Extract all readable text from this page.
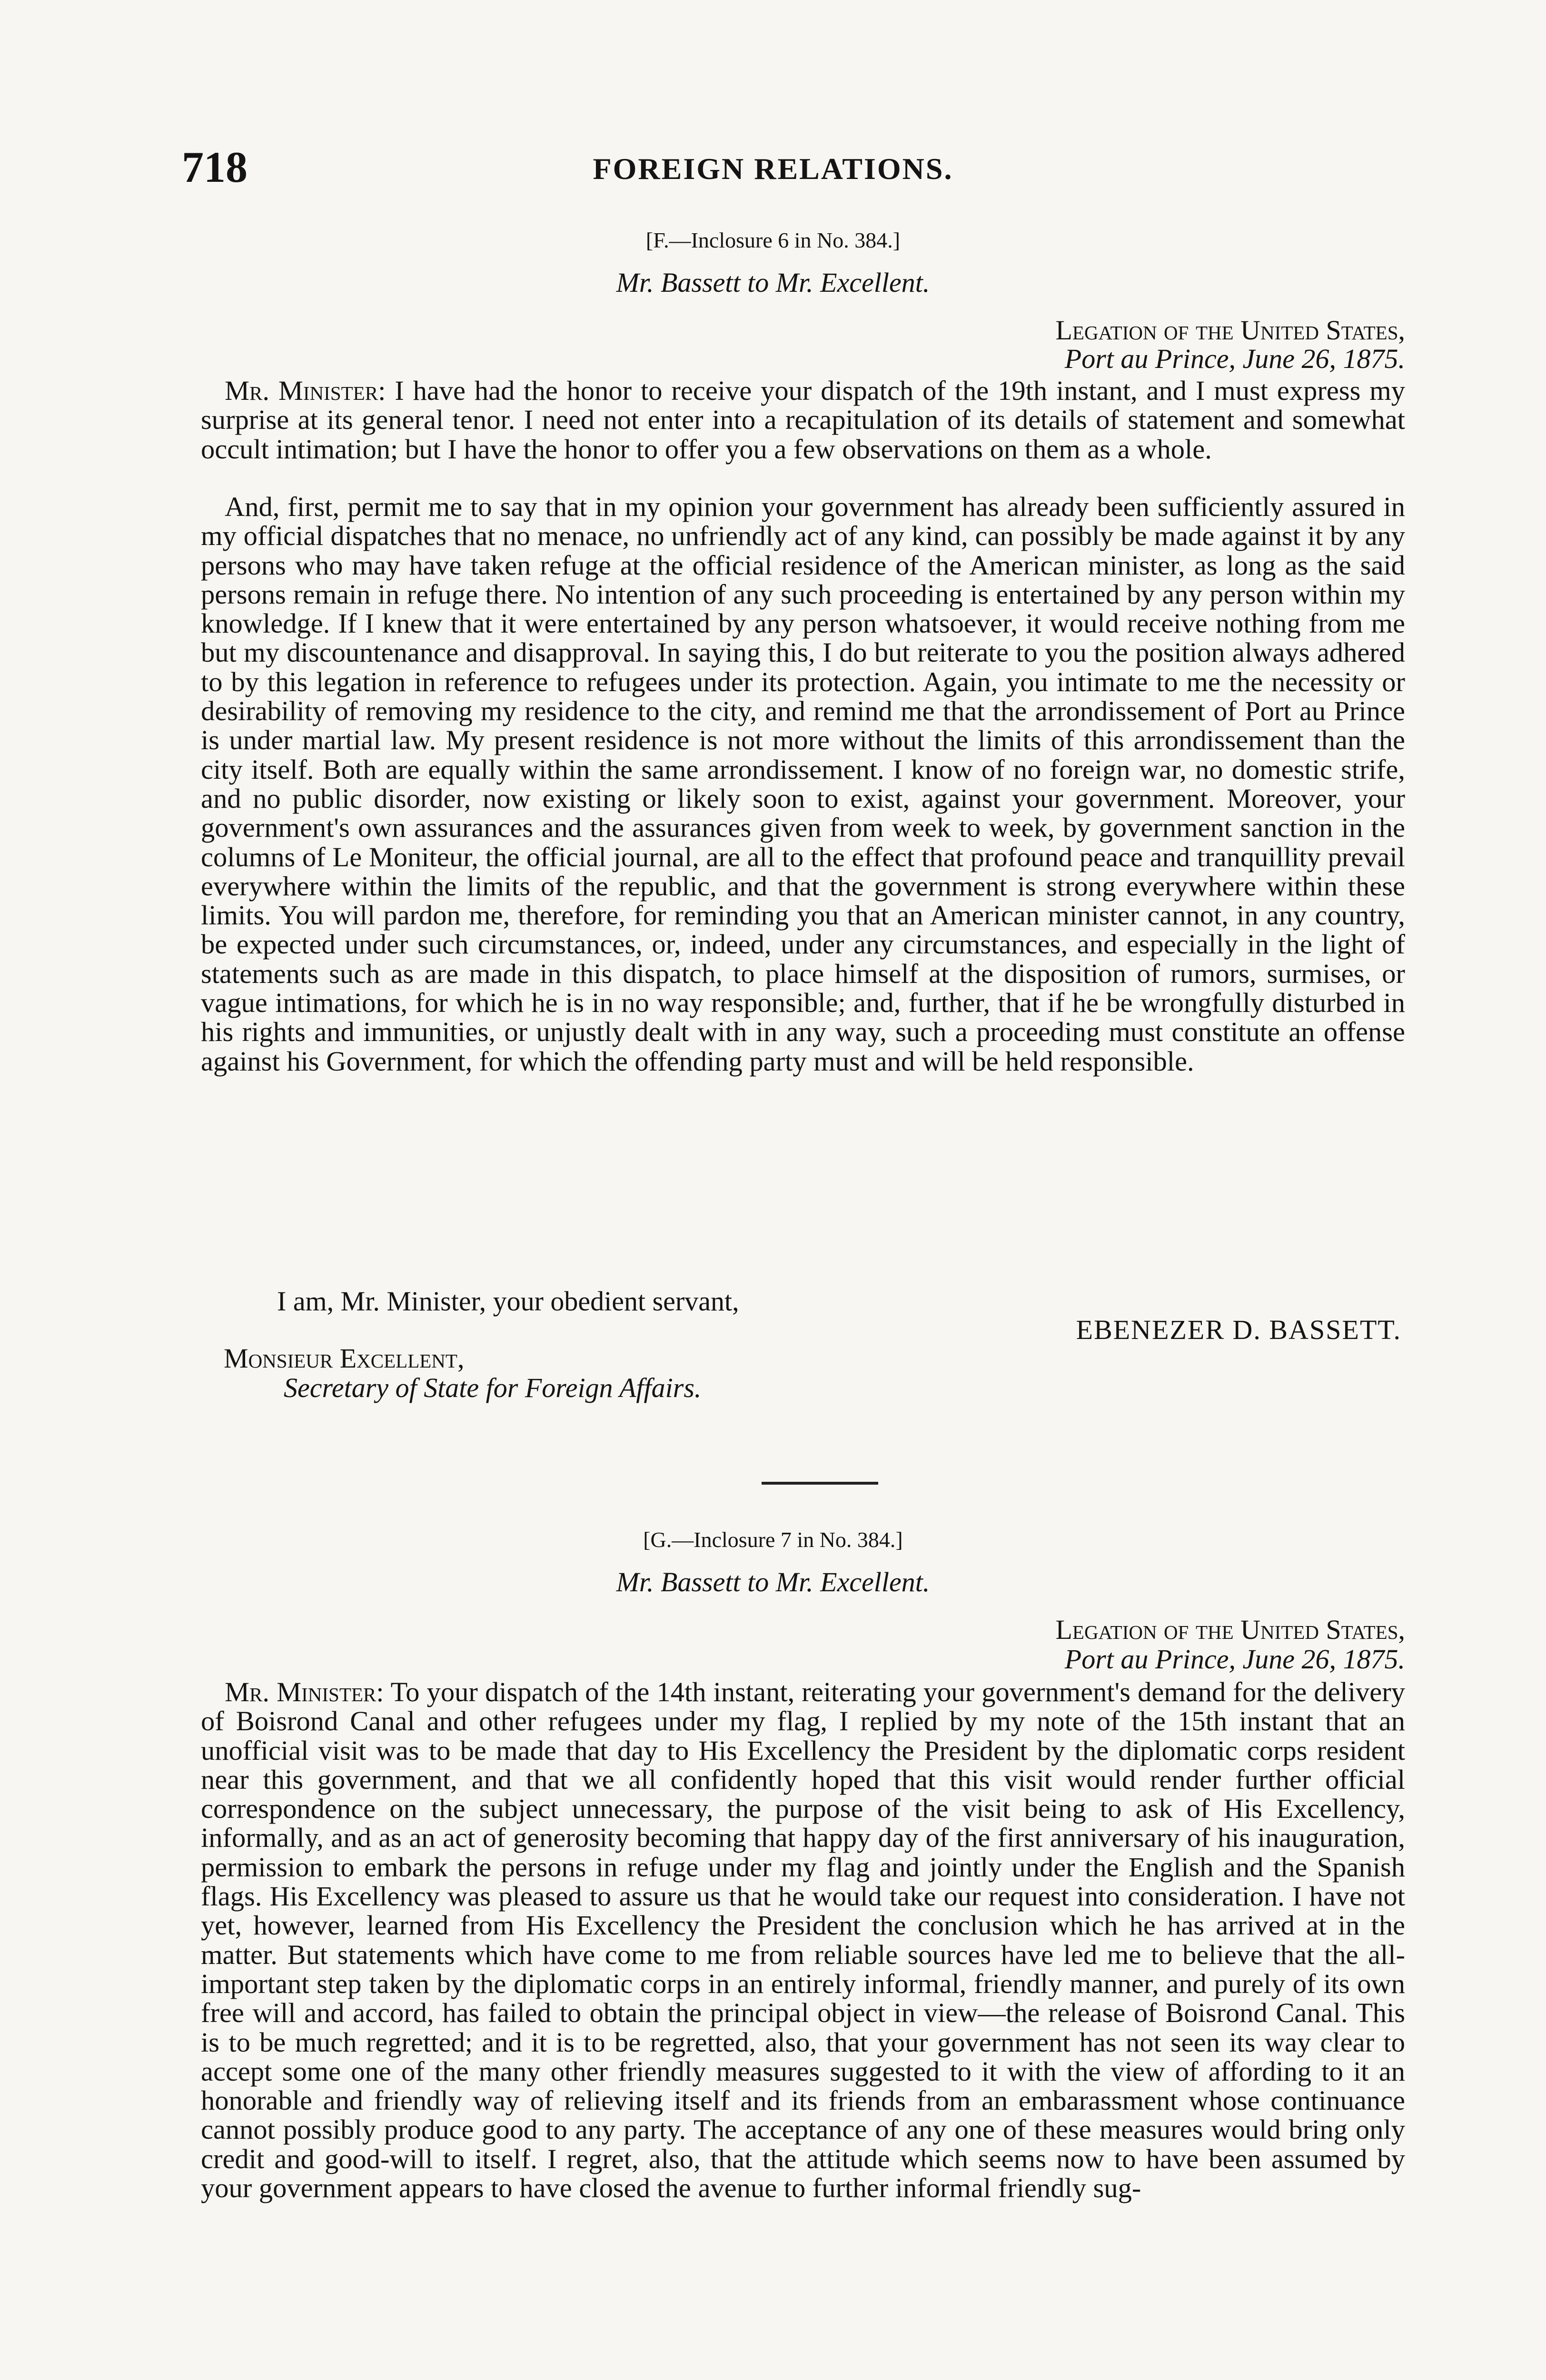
718	FOREIGN RELATIONS.
[F.—Inclosure 6 in No. 384.]
Mr. Bassett to Mr. Excellent.
Legation of the United States,
Port au Prince, June 26, 1875.

Mr. Minister: I have had the honor to receive your dispatch of the 19th instant, and I must express my surprise at its general tenor. I need not enter into a recapitulation of its details of statement and somewhat occult intimation; but I have the honor to offer you a few observations on them as a whole.

And, first, permit me to say that in my opinion your government has already been sufficiently assured in my official dispatches that no menace, no unfriendly act of any kind, can possibly be made against it by any persons who may have taken refuge at the official residence of the American minister, as long as the said persons remain in refuge there. No intention of any such proceeding is entertained by any person within my knowledge. If I knew that it were entertained by any person whatsoever, it would receive nothing from me but my discountenance and disapproval. In saying this, I do but reiterate to you the position always adhered to by this legation in reference to refugees under its protection. Again, you intimate to me the necessity or desirability of removing my residence to the city, and remind me that the arrondissement of Port au Prince is under martial law. My present residence is not more without the limits of this arrondissement than the city itself. Both are equally within the same arrondissement. I know of no foreign war, no domestic strife, and no public disorder, now existing or likely soon to exist, against your government. Moreover, your government's own assurances and the assurances given from week to week, by government sanction in the columns of Le Moniteur, the official journal, are all to the effect that profound peace and tranquillity prevail everywhere within the limits of the republic, and that the government is strong everywhere within these limits. You will pardon me, therefore, for reminding you that an American minister cannot, in any country, be expected under such circumstances, or, indeed, under any circumstances, and especially in the light of statements such as are made in this dispatch, to place himself at the disposition of rumors, surmises, or vague intimations, for which he is in no way responsible; and, further, that if he be wrongfully disturbed in his rights and immunities, or unjustly dealt with in any way, such a proceeding must constitute an offense against his Government, for which the offending party must and will be held responsible.

I am, Mr. Minister, your obedient servant,
EBENEZER D. BASSETT.
Monsieur Excellent,
Secretary of State for Foreign Affairs.
[G.—Inclosure 7 in No. 384.]
Mr. Bassett to Mr. Excellent.
Legation of the United States,
Port au Prince, June 26, 1875.

Mr. Minister: To your dispatch of the 14th instant, reiterating your government's demand for the delivery of Boisrond Canal and other refugees under my flag, I replied by my note of the 15th instant that an unofficial visit was to be made that day to His Excellency the President by the diplomatic corps resident near this government, and that we all confidently hoped that this visit would render further official correspondence on the subject unnecessary, the purpose of the visit being to ask of His Excellency, informally, and as an act of generosity becoming that happy day of the first anniversary of his inauguration, permission to embark the persons in refuge under my flag and jointly under the English and the Spanish flags. His Excellency was pleased to assure us that he would take our request into consideration. I have not yet, however, learned from His Excellency the President the conclusion which he has arrived at in the matter. But statements which have come to me from reliable sources have led me to believe that the all-important step taken by the diplomatic corps in an entirely informal, friendly manner, and purely of its own free will and accord, has failed to obtain the principal object in view—the release of Boisrond Canal. This is to be much regretted; and it is to be regretted, also, that your government has not seen its way clear to accept some one of the many other friendly measures suggested to it with the view of affording to it an honorable and friendly way of relieving itself and its friends from an embarassment whose continuance cannot possibly produce good to any party. The acceptance of any one of these measures would bring only credit and good-will to itself. I regret, also, that the attitude which seems now to have been assumed by your government appears to have closed the avenue to further informal friendly sug-
